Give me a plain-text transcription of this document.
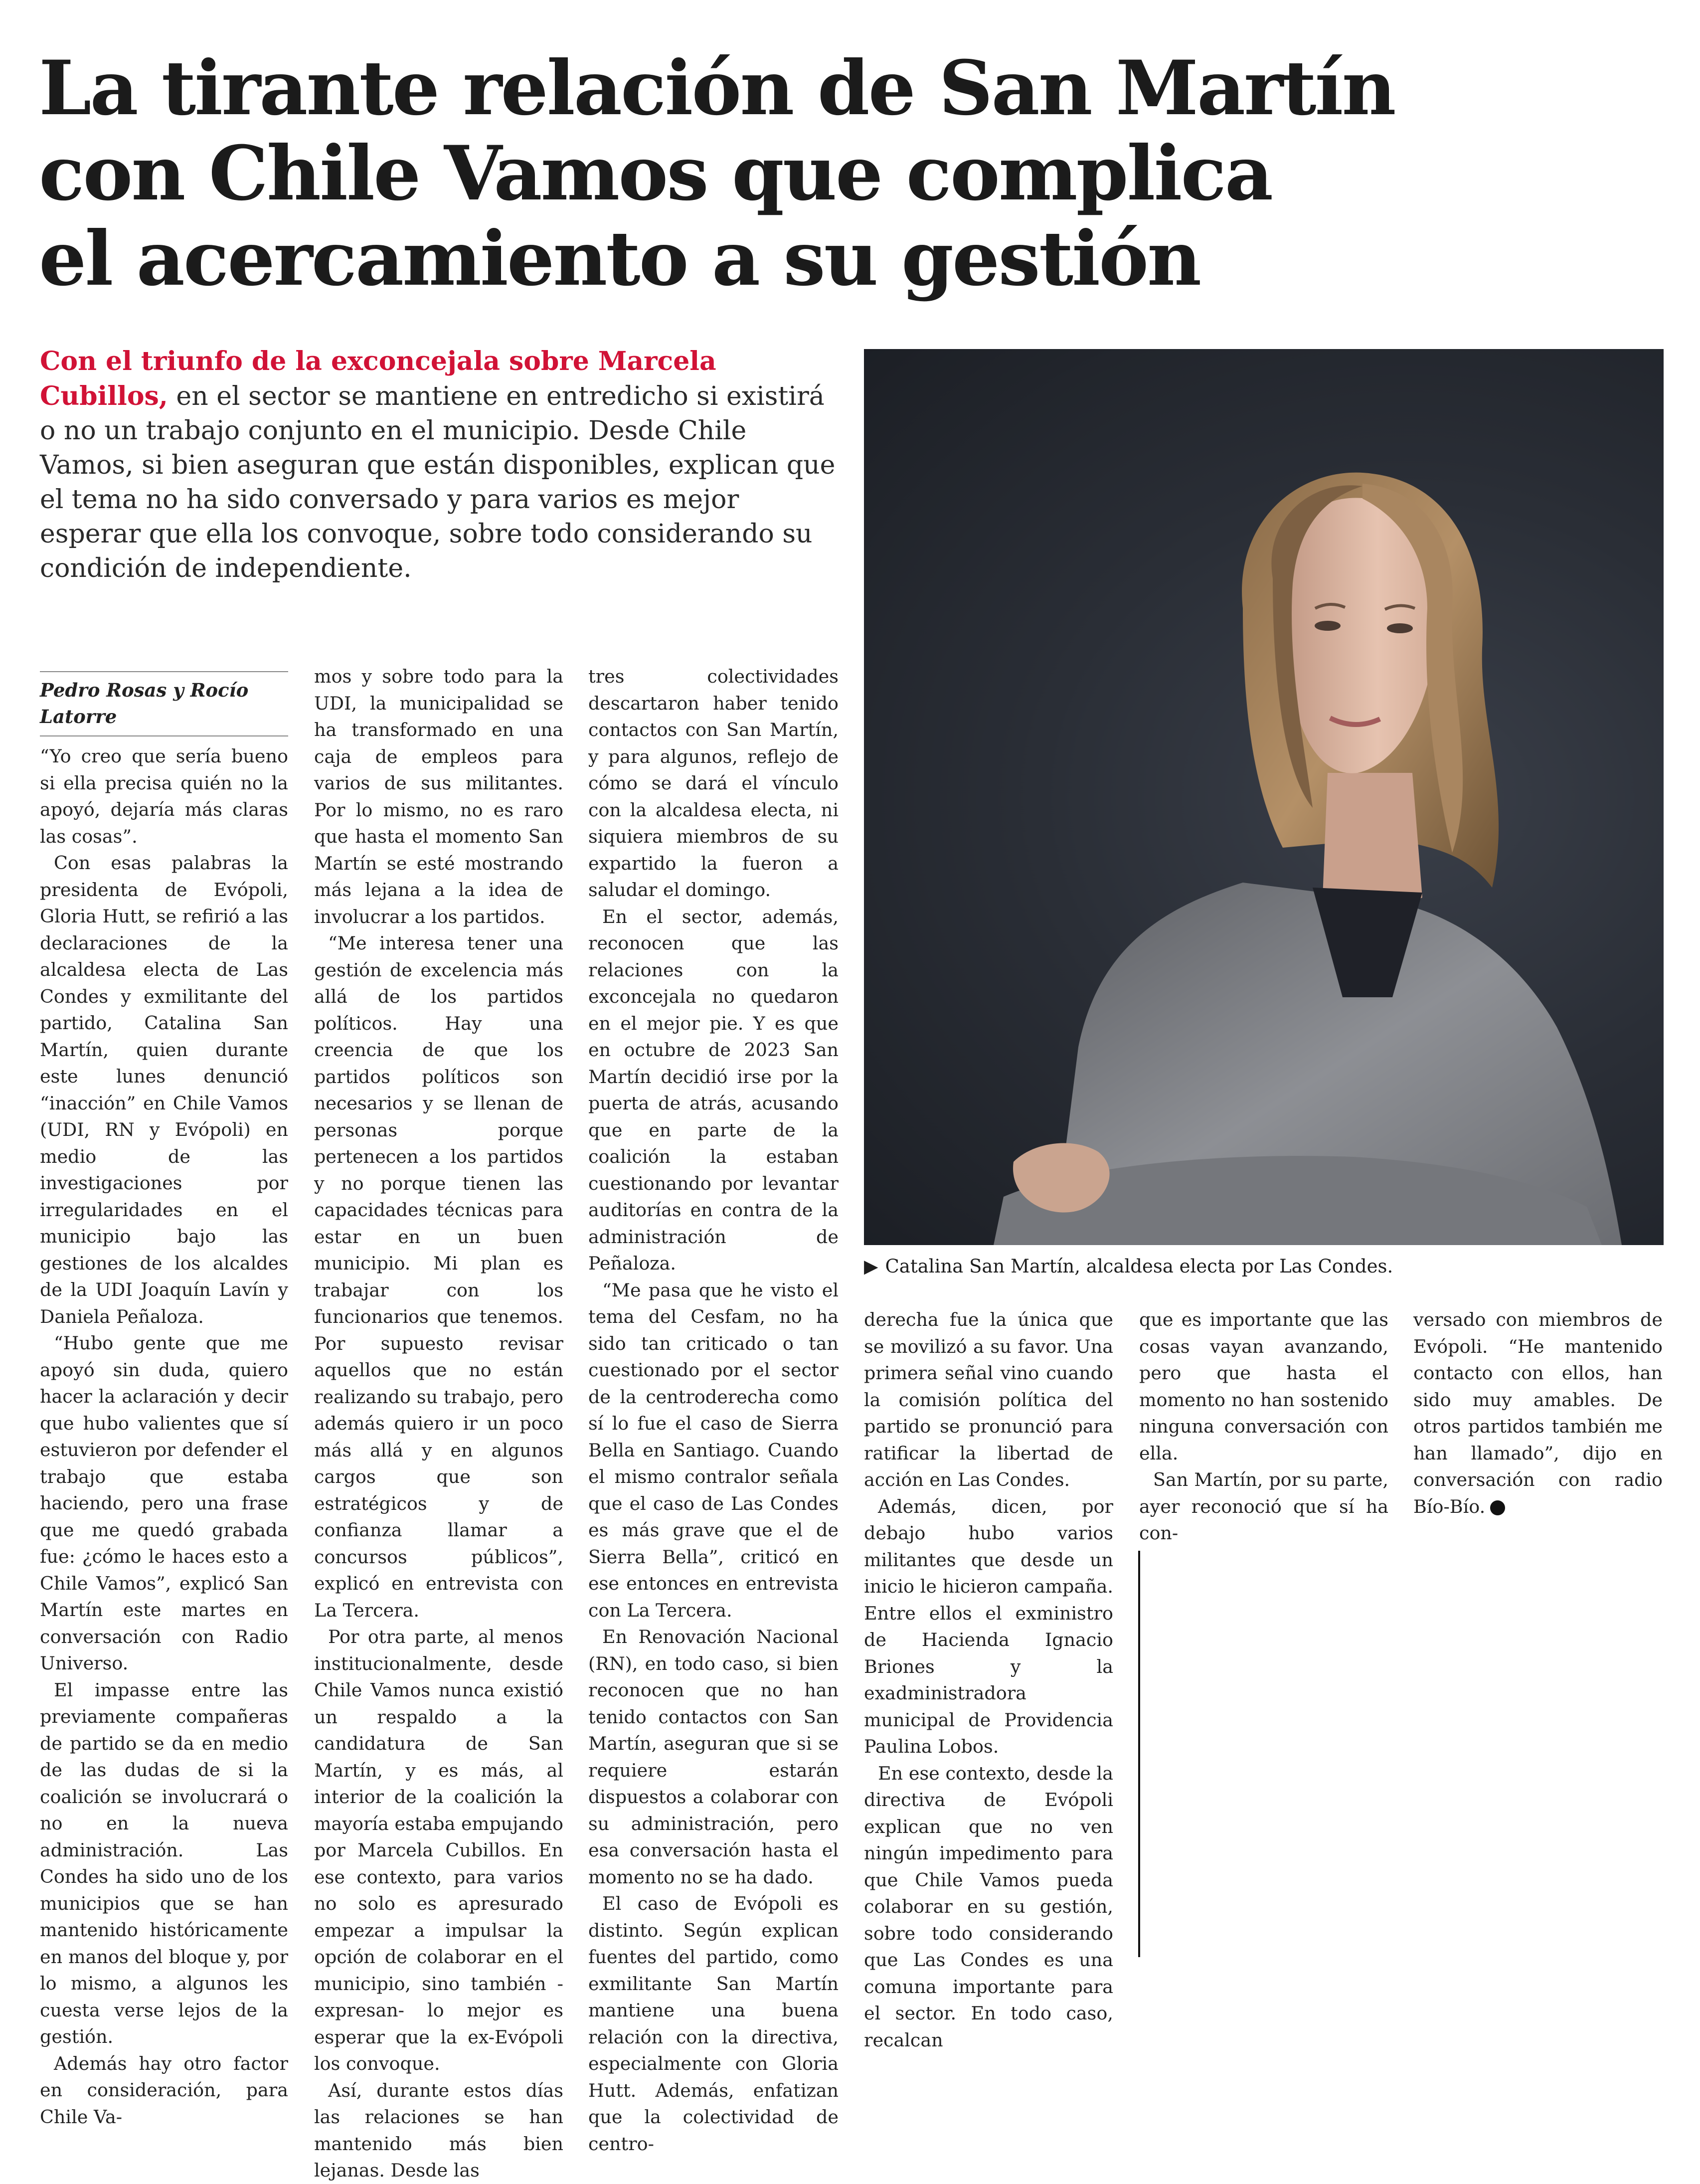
La tirante relación de San Martín
con Chile Vamos que complica
el acercamiento a su gestión

Con el triunfo de la exconcejala sobre Marcela Cubillos, en el sector se mantiene en entredicho si existirá o no un trabajo conjunto en el municipio. Desde Chile Vamos, si bien aseguran que están disponibles, explican que el tema no ha sido conversado y para varios es mejor esperar que ella los convoque, sobre todo considerando su condición de independiente.

▶ Catalina San Martín, alcaldesa electa por Las Condes.

Pedro Rosas y Rocío Latorre

“Yo creo que sería bueno si ella precisa quién no la apoyó, dejaría más claras las cosas”.

Con esas palabras la presidenta de Evópoli, Gloria Hutt, se refirió a las declaraciones de la alcaldesa electa de Las Condes y exmilitante del partido, Catalina San Martín, quien durante este lunes denunció “inacción” en Chile Vamos (UDI, RN y Evópoli) en medio de las investigaciones por irregularidades en el municipio bajo las gestiones de los alcaldes de la UDI Joaquín Lavín y Daniela Peñaloza.

“Hubo gente que me apoyó sin duda, quiero hacer la aclaración y decir que hubo valientes que sí estuvieron por defender el trabajo que estaba haciendo, pero una frase que me quedó grabada fue: ¿cómo le haces esto a Chile Vamos”, explicó San Martín este martes en conversación con Radio Universo.

El impasse entre las previamente compañeras de partido se da en medio de las dudas de si la coalición se involucrará o no en la nueva administración. Las Condes ha sido uno de los municipios que se han mantenido históricamente en manos del bloque y, por lo mismo, a algunos les cuesta verse lejos de la gestión.

Además hay otro factor en consideración, para Chile Va-

mos y sobre todo para la UDI, la municipalidad se ha transformado en una caja de empleos para varios de sus militantes. Por lo mismo, no es raro que hasta el momento San Martín se esté mostrando más lejana a la idea de involucrar a los partidos.

“Me interesa tener una gestión de excelencia más allá de los partidos políticos. Hay una creencia de que los partidos políticos son necesarios y se llenan de personas porque pertenecen a los partidos y no porque tienen las capacidades técnicas para estar en un buen municipio. Mi plan es trabajar con los funcionarios que tenemos. Por supuesto revisar aquellos que no están realizando su trabajo, pero además quiero ir un poco más allá y en algunos cargos que son estratégicos y de confianza llamar a concursos públicos”, explicó en entrevista con La Tercera.

Por otra parte, al menos institucionalmente, desde Chile Vamos nunca existió un respaldo a la candidatura de San Martín, y es más, al interior de la coalición la mayoría estaba empujando por Marcela Cubillos. En ese contexto, para varios no solo es apresurado empezar a impulsar la opción de colaborar en el municipio, sino también -expresan- lo mejor es esperar que la ex-Evópoli los convoque.

Así, durante estos días las relaciones se han mantenido más bien lejanas. Desde las

tres colectividades descartaron haber tenido contactos con San Martín, y para algunos, reflejo de cómo se dará el vínculo con la alcaldesa electa, ni siquiera miembros de su expartido la fueron a saludar el domingo.

En el sector, además, reconocen que las relaciones con la exconcejala no quedaron en el mejor pie. Y es que en octubre de 2023 San Martín decidió irse por la puerta de atrás, acusando que en parte de la coalición la estaban cuestionando por levantar auditorías en contra de la administración de Peñaloza.

“Me pasa que he visto el tema del Cesfam, no ha sido tan criticado o tan cuestionado por el sector de la centroderecha como sí lo fue el caso de Sierra Bella en Santiago. Cuando el mismo contralor señala que el caso de Las Condes es más grave que el de Sierra Bella”, criticó en ese entonces en entrevista con La Tercera.

En Renovación Nacional (RN), en todo caso, si bien reconocen que no han tenido contactos con San Martín, aseguran que si se requiere estarán dispuestos a colaborar con su administración, pero esa conversación hasta el momento no se ha dado.

El caso de Evópoli es distinto. Según explican fuentes del partido, como exmilitante San Martín mantiene una buena relación con la directiva, especialmente con Gloria Hutt. Además, enfatizan que la colectividad de centro-

derecha fue la única que se movilizó a su favor. Una primera señal vino cuando la comisión política del partido se pronunció para ratificar la libertad de acción en Las Condes.

Además, dicen, por debajo hubo varios militantes que desde un inicio le hicieron campaña. Entre ellos el exministro de Hacienda Ignacio Briones y la exadministradora municipal de Providencia Paulina Lobos.

En ese contexto, desde la directiva de Evópoli explican que no ven ningún impedimento para que Chile Vamos pueda colaborar en su gestión, sobre todo considerando que Las Condes es una comuna importante para el sector. En todo caso, recalcan

que es importante que las cosas vayan avanzando, pero que hasta el momento no han sostenido ninguna conversación con ella.

San Martín, por su parte, ayer reconoció que sí ha con-

versado con miembros de Evópoli. “He mantenido contacto con ellos, han sido muy amables. De otros partidos también me han llamado”, dijo en conversación con radio Bío-Bío.
